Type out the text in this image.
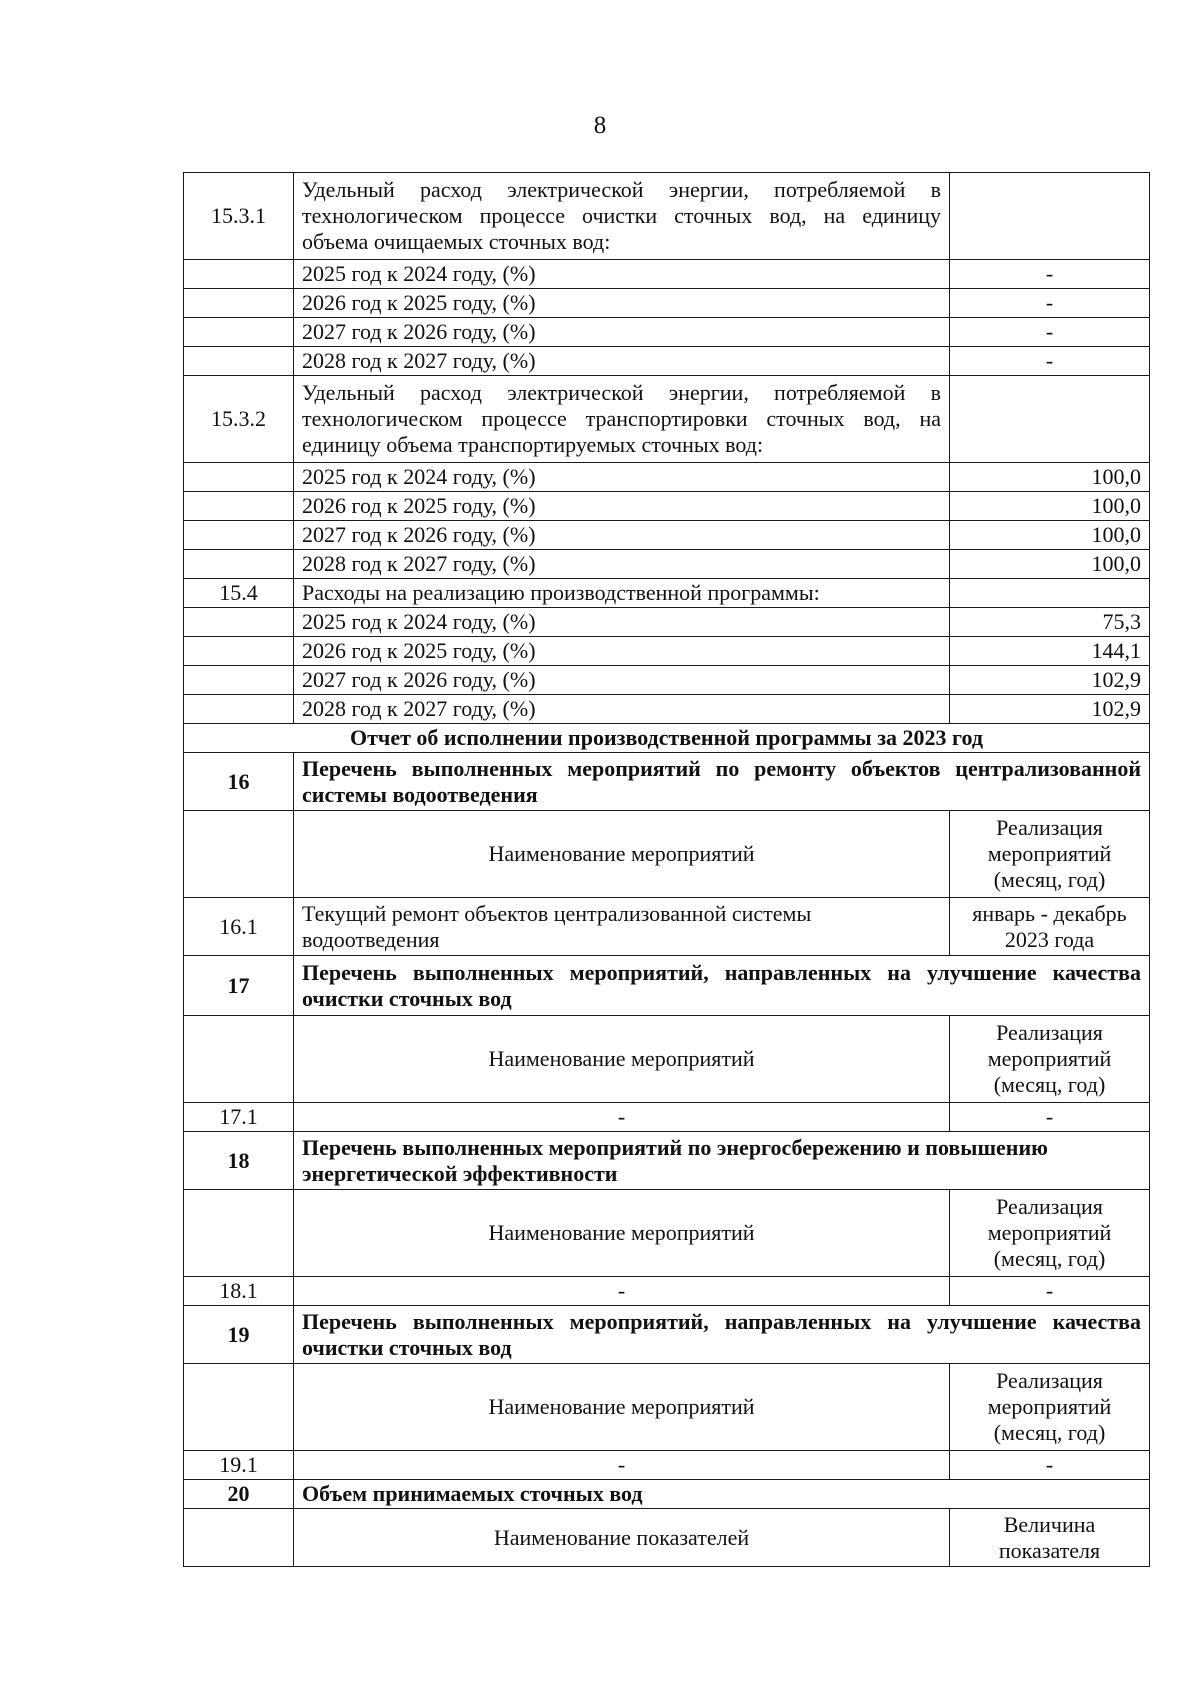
8
15.3.1	Удельный расход электрической энергии, потребляемой в технологическом процессе очистки сточных вод, на единицу объема очищаемых сточных вод:	
	2025 год к 2024 году, (%)	-
	2026 год к 2025 году, (%)	-
	2027 год к 2026 году, (%)	-
	2028 год к 2027 году, (%)	-
15.3.2	Удельный расход электрической энергии, потребляемой в технологическом процессе транспортировки сточных вод, на единицу объема транспортируемых сточных вод:	
	2025 год к 2024 году, (%)	100,0
	2026 год к 2025 году, (%)	100,0
	2027 год к 2026 году, (%)	100,0
	2028 год к 2027 году, (%)	100,0
15.4	Расходы на реализацию производственной программы:	
	2025 год к 2024 году, (%)	75,3
	2026 год к 2025 году, (%)	144,1
	2027 год к 2026 году, (%)	102,9
	2028 год к 2027 году, (%)	102,9
Отчет об исполнении производственной программы за 2023 год		
16	Перечень выполненных мероприятий по ремонту объектов централизованной системы водоотведения	
	Наименование мероприятий	Реализация мероприятий (месяц, год)
16.1	Текущий ремонт объектов централизованной системы водоотведения	январь - декабрь 2023 года
17	Перечень выполненных мероприятий, направленных на улучшение качества очистки сточных вод	
	Наименование мероприятий	Реализация мероприятий (месяц, год)
17.1	-	-
18	Перечень выполненных мероприятий по энергосбережению и повышению энергетической эффективности	
	Наименование мероприятий	Реализация мероприятий (месяц, год)
18.1	-	-
19	Перечень выполненных мероприятий, направленных на улучшение качества очистки сточных вод	
	Наименование мероприятий	Реализация мероприятий (месяц, год)
19.1	-	-
20	Объем принимаемых сточных вод	
	Наименование показателей	Величина показателя
